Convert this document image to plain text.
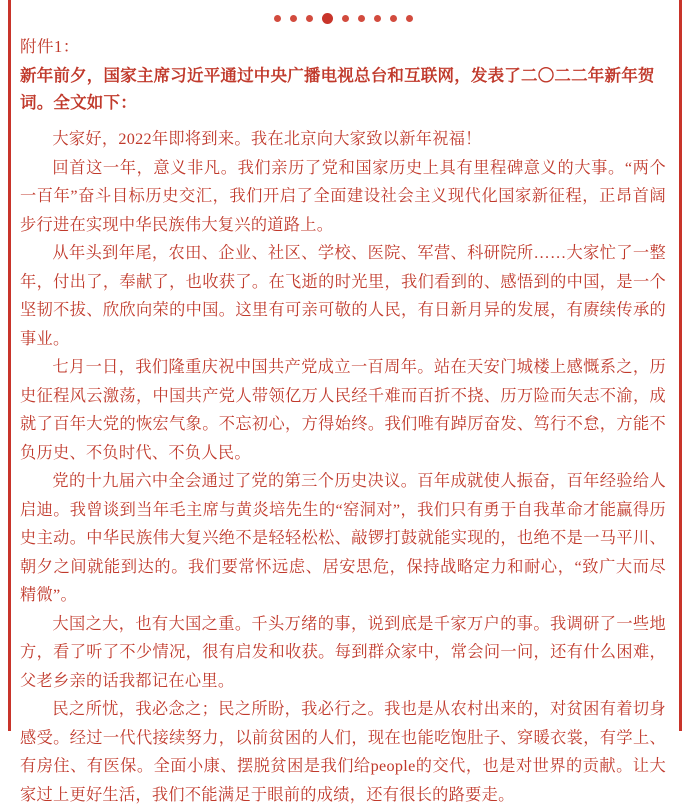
附件1：
新年前夕，国家主席习近平通过中央广播电视总台和互联网，发表了二〇二二年新年贺词。全文如下：

大家好，2022年即将到来。我在北京向大家致以新年祝福！

回首这一年，意义非凡。我们亲历了党和国家历史上具有里程碑意义的大事。“两个一百年”奋斗目标历史交汇，我们开启了全面建设社会主义现代化国家新征程，正昂首阔步行进在实现中华民族伟大复兴的道路上。

从年头到年尾，农田、企业、社区、学校、医院、军营、科研院所……大家忙了一整年，付出了，奉献了，也收获了。在飞逝的时光里，我们看到的、感悟到的中国，是一个坚韧不拔、欣欣向荣的中国。这里有可亲可敬的人民，有日新月异的发展，有赓续传承的事业。

七月一日，我们隆重庆祝中国共产党成立一百周年。站在天安门城楼上感慨系之，历史征程风云激荡，中国共产党人带领亿万人民经千难而百折不挠、历万险而矢志不渝，成就了百年大党的恢宏气象。不忘初心，方得始终。我们唯有踔厉奋发、笃行不怠，方能不负历史、不负时代、不负人民。

党的十九届六中全会通过了党的第三个历史决议。百年成就使人振奋，百年经验给人启迪。我曾谈到当年毛主席与黄炎培先生的“窑洞对”，我们只有勇于自我革命才能赢得历史主动。中华民族伟大复兴绝不是轻轻松松、敲锣打鼓就能实现的，也绝不是一马平川、朝夕之间就能到达的。我们要常怀远虑、居安思危，保持战略定力和耐心，“致广大而尽精微”。

大国之大，也有大国之重。千头万绪的事，说到底是千家万户的事。我调研了一些地方，看了听了不少情况，很有启发和收获。每到群众家中，常会问一问，还有什么困难，父老乡亲的话我都记在心里。

民之所忧，我必念之；民之所盼，我必行之。我也是从农村出来的，对贫困有着切身感受。经过一代代接续努力，以前贫困的人们，现在也能吃饱肚子、穿暖衣裳，有学上、有房住、有医保。全面小康、摆脱贫困是我们给people的交代，也是对世界的贡献。让大家过上更好生活，我们不能满足于眼前的成绩，还有很长的路要走。
